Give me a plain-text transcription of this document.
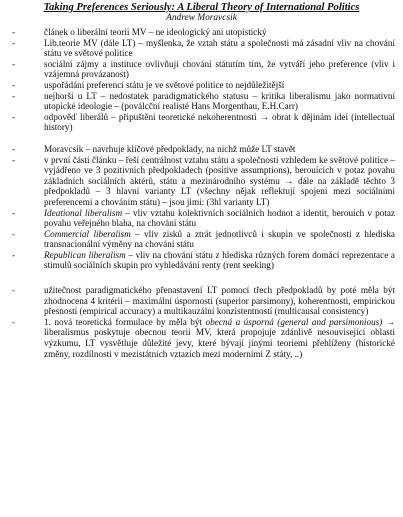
Taking Preferences Seriously: A Liberal Theory of International Politics
Andrew Moravcsik
-	článek o liberální teorii MV – ne ideologický ani utopistický
-	Lib.teorie MV (dále LT) – myšlenka, že vztah státu a společnosti má zásadní vliv na chování státu ve světové politice
-	sociální zájmy a instituce ovlivňují chování státutím tím, že vytváří jeho preference (vliv i vzájemná provázanost)
-	uspořádání preferencí státu je ve světové politice to nejdůležitější
-	nejhorší u LT – nedostatek paradigmatického statusu – kritika liberalismu jako normativní utopické ideologie – (poválcční realisté Hans Morgenthau, E.H.Carr)
-	odpověď liberálů – připuštění teoretické nekoherentnosti → obrat k dějinám idei (intellectual history)
-	Moravcsik – navrhuje klíčové předpoklady, na nichž může LT stavět
-	v první části článku – řeší centrálnost vztahu státu a společnosti vzhledem ke světové politice –vyjádřeno ve 3 pozitivních předpokladech (positive assumptions), berouících v potaz povahu základních sociálních aktérů, státu a mezinárodního systému → dále na základě těchto 3 předpokladů – 3 hlavní varianty LT (všechny nějak reflektují spojení mezi sociálními preferencemi a chováním státu) – jsou jimi: (3hl varianty LT)
-	Ideational liberalism – vliv vztahu kolektivních sociálních hodnot a identit, berouích v potaz povahu veřejného blaha, na chování státu
-	Commercial liberalism – vliv zisků a ztrát jednotlivců i skupin ve společnosti z hlediska transnacionální výměny na chování státu
-	Republican liberalism – vliv na chování státu z hlediska různých forem domácí reprezentace a stimulů sociálních skupin pro vyhledávání renty (rent seeking)
-	užitečnost paradigmatického přenastavení LT pomocí třech předpokladů by poté měla být zhodnocena 4 kritérii – maximální úspornosti (superior parsimony), koherentnosti, empirickou přesností (empirical accuracy) a multikauzální konzistentností (multicausal consistency)
-	1. nová teoretická formulace by měla být obecná a úsporná (general and parsimonious) → liberalismus poskytuje obecnou teorii MV, která propojuje zdánlivě nesouvisející oblasti výzkumu, LT vysvětluje důležité jevy, které bývají jinými teoriemi přehlíženy (historické změny, rozdílnosti v mezistátních vztazích mezi moderními Z státy, ..)
